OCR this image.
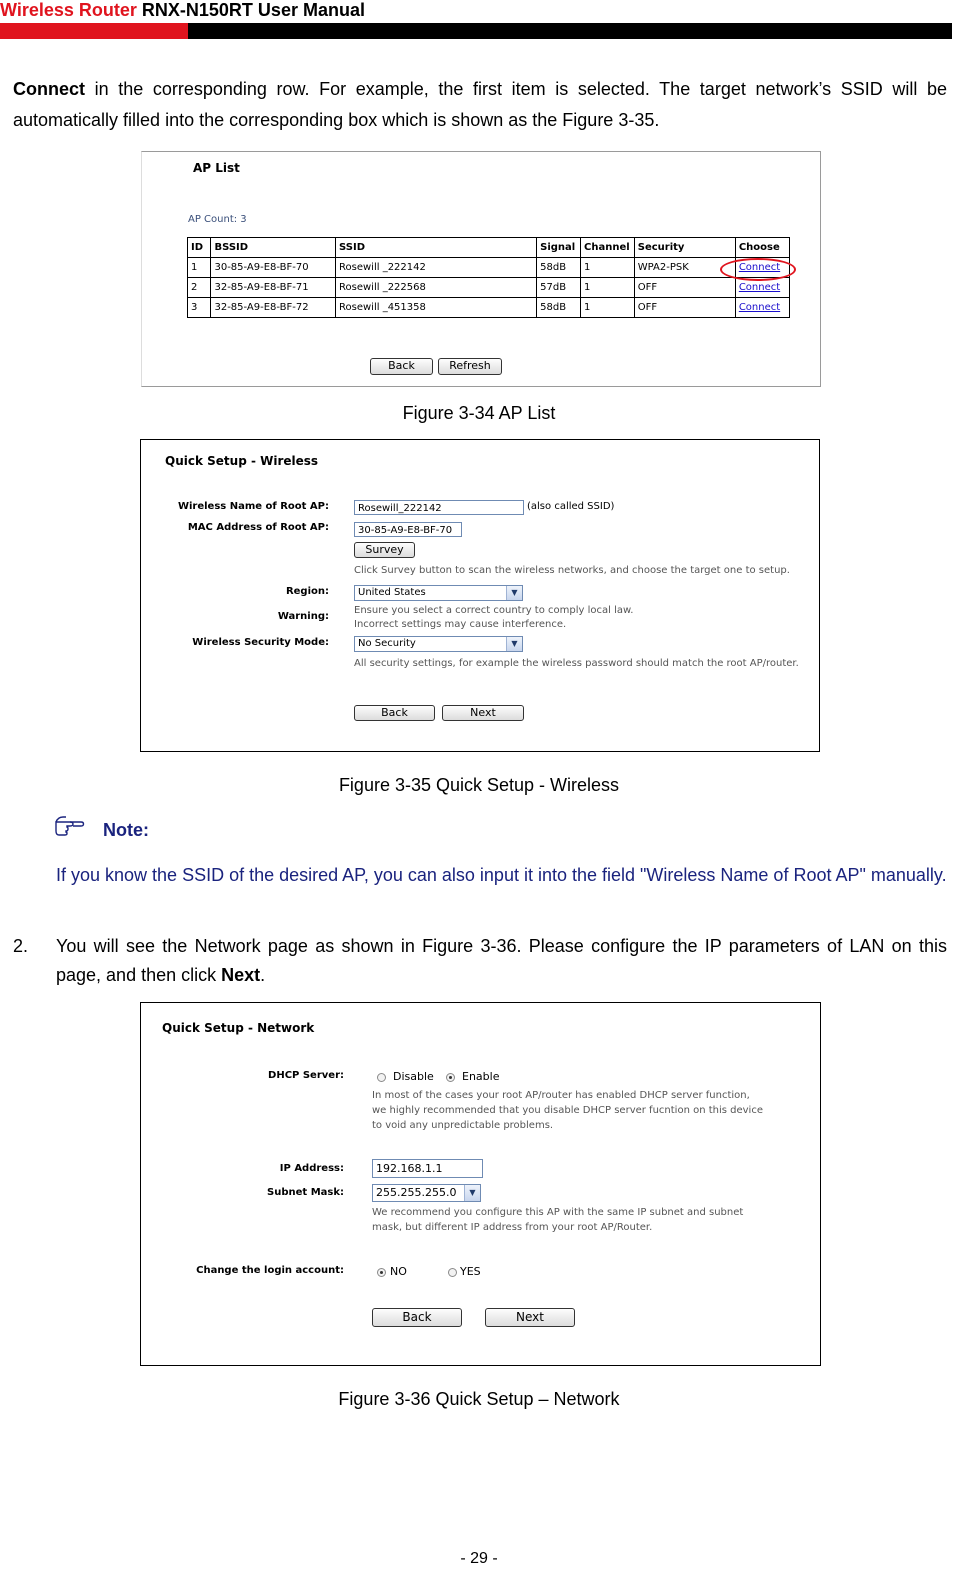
Wireless Router RNX-N150RT User Manual
Connect in the corresponding row. For example, the first item is selected. The target network’s SSID will be automatically filled into the corresponding box which is shown as the Figure 3-35.
AP List
AP Count: 3
ID	BSSID	SSID	Signal	Channel	Security	Choose
1	30-85-A9-E8-BF-70	Rosewill _222142	58dB	1	WPA2-PSK	Connect
2	32-85-A9-E8-BF-71	Rosewill _222568	57dB	1	OFF	Connect
3	32-85-A9-E8-BF-72	Rosewill _451358	58dB	1	OFF	Connect
Back	Refresh
Figure 3-34 AP List
Quick Setup - Wireless
Wireless Name of Root AP:	Rosewill_222142	(also called SSID)
MAC Address of Root AP:	30-85-A9-E8-BF-70
Survey
Click Survey button to scan the wireless networks, and choose the target one to setup.
Region:	United States	▼
Warning:
Ensure you select a correct country to comply local law.
Incorrect settings may cause interference.
Wireless Security Mode:	No Security	▼
All security settings, for example the wireless password should match the root AP/router.
Back	Next
Figure 3-35 Quick Setup - Wireless
Note:
If you know the SSID of the desired AP, you can also input it into the field "Wireless Name of Root AP" manually.
2. You will see the Network page as shown in Figure 3-36. Please configure the IP parameters of LAN on this page, and then click Next.
Quick Setup - Network
DHCP Server:	Disable	Enable
In most of the cases your root AP/router has enabled DHCP server function,
we highly recommended that you disable DHCP server fucntion on this device
to void any unpredictable problems.
IP Address:	192.168.1.1
Subnet Mask:	255.255.255.0	▼
We recommend you configure this AP with the same IP subnet and subnet
mask, but different IP address from your root AP/Router.
Change the login account:	NO	YES
Back	Next
Figure 3-36 Quick Setup – Network
- 29 -
